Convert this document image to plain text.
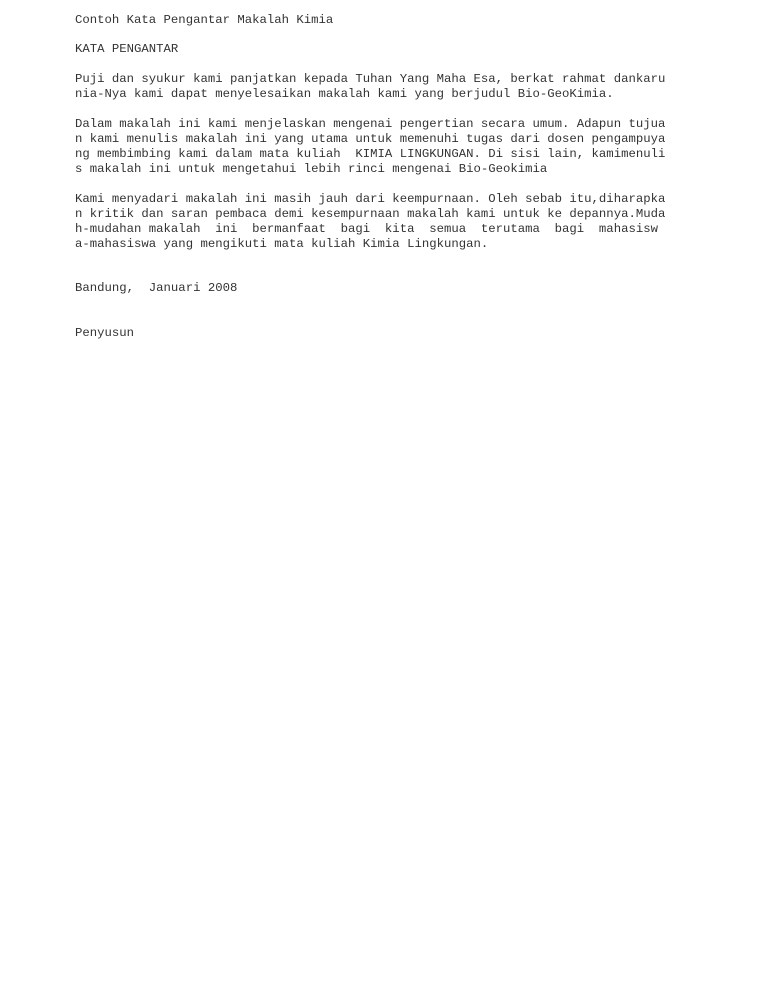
Contoh Kata Pengantar Makalah Kimia

KATA PENGANTAR

Puji dan syukur kami panjatkan kepada Tuhan Yang Maha Esa, berkat rahmat dankaru
nia-Nya kami dapat menyelesaikan makalah kami yang berjudul Bio-GeoKimia.

Dalam makalah ini kami menjelaskan mengenai pengertian secara umum. Adapun tujua
n kami menulis makalah ini yang utama untuk memenuhi tugas dari dosen pengampuya
ng membimbing kami dalam mata kuliah  KIMIA LINGKUNGAN. Di sisi lain, kamimenuli
s makalah ini untuk mengetahui lebih rinci mengenai Bio-Geokimia

Kami menyadari makalah ini masih jauh dari keempurnaan. Oleh sebab itu,diharapka
n kritik dan saran pembaca demi kesempurnaan makalah kami untuk ke depannya.Muda
h-mudahan makalah  ini  bermanfaat  bagi  kita  semua  terutama  bagi  mahasisw
a-mahasiswa yang mengikuti mata kuliah Kimia Lingkungan.

Bandung,  Januari 2008

Penyusun
